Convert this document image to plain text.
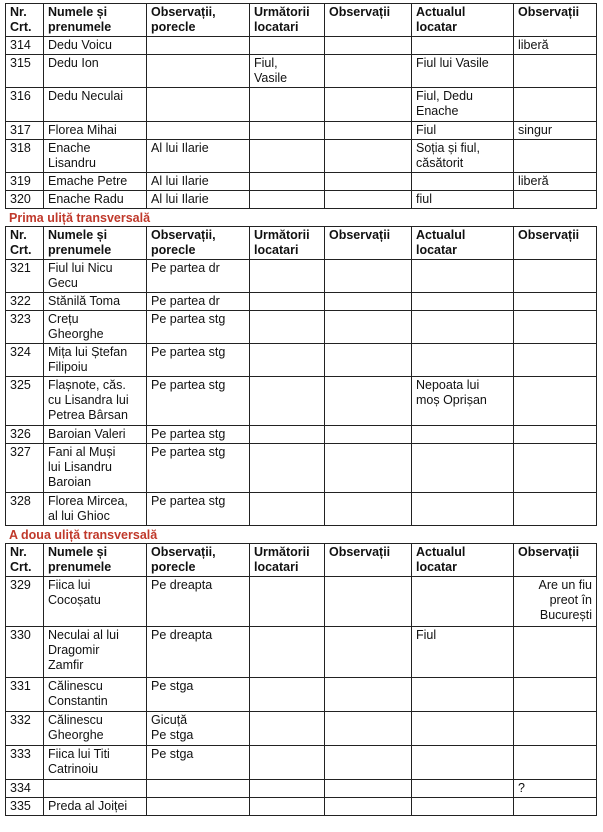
Nr. Crt.	Numele și prenumele	Observații, porecle	Următorii locatari	Observații	Actualul locatar	Observații
314	Dedu Voicu					liberă
315	Dedu Ion		Fiul,
Vasile		Fiul lui Vasile	
316	Dedu Neculai				Fiul, Dedu
Enache	
317	Florea Mihai				Fiul	singur
318	Enache
Lisandru	Al lui Ilarie			Soția și fiul,
căsătorit	
319	Emache Petre	Al lui Ilarie				liberă
320	Enache Radu	Al lui Ilarie			fiul	
Prima uliță transversală
Nr. Crt.	Numele și prenumele	Observații, porecle	Următorii locatari	Observații	Actualul locatar	Observații
321	Fiul lui Nicu
Gecu	Pe partea dr				
322	Stănilă Toma	Pe partea dr				
323	Crețu
Gheorghe	Pe partea stg				
324	Mița lui Ștefan
Filipoiu	Pe partea stg				
325	Flașnote, căs.
cu Lisandra lui
Petrea Bârsan	Pe partea stg			Nepoata lui
moș Oprișan	
326	Baroian Valeri	Pe partea stg				
327	Fani al Muși
lui Lisandru
Baroian	Pe partea stg				
328	Florea Mircea,
al lui Ghioc	Pe partea stg				
A doua uliță transversală
Nr. Crt.	Numele și prenumele	Observații, porecle	Următorii locatari	Observații	Actualul locatar	Observații
329	Fiica lui
Cocoșatu	Pe dreapta				Are un fiu
preot în
București
330	Neculai al lui
Dragomir
Zamfir	Pe dreapta			Fiul	
331	Călinescu
Constantin	Pe stga				
332	Călinescu
Gheorghe	Gicuță
Pe stga				
333	Fiica lui Titi
Catrinoiu	Pe stga				
334						?
335	Preda al Joiței					
